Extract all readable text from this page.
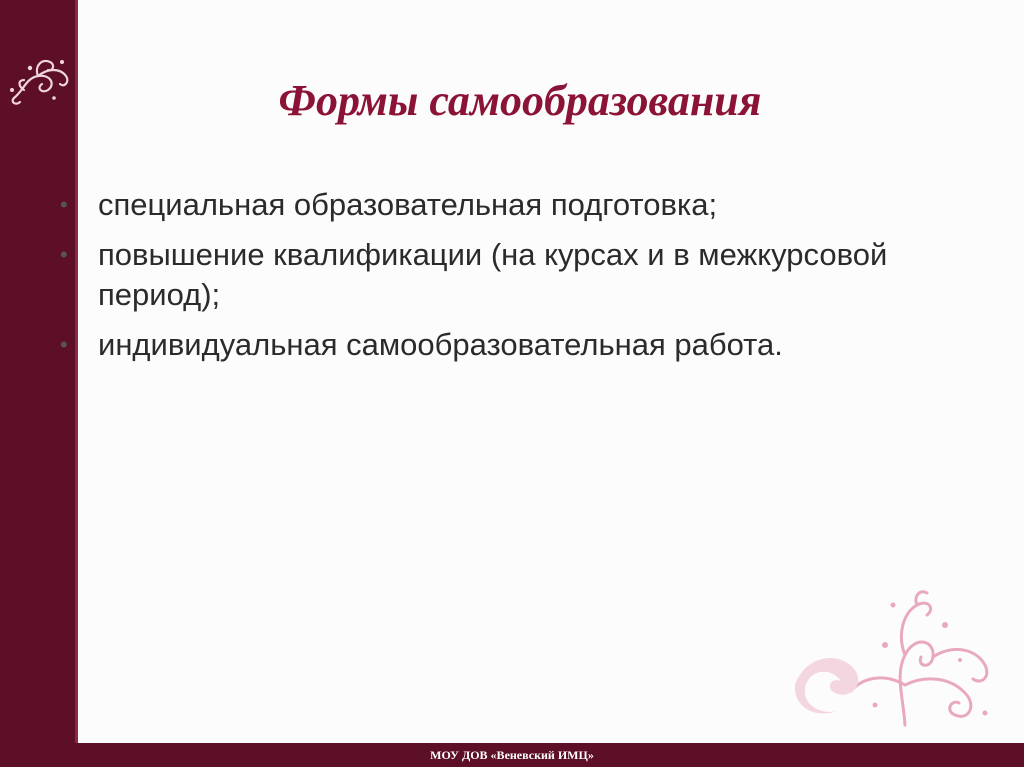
Формы самообразования
• специальная образовательная подготовка;
• повышение квалификации (на курсах и в межкурсовой период);
• индивидуальная самообразовательная работа.
МОУ ДОВ «Веневский ИМЦ»
